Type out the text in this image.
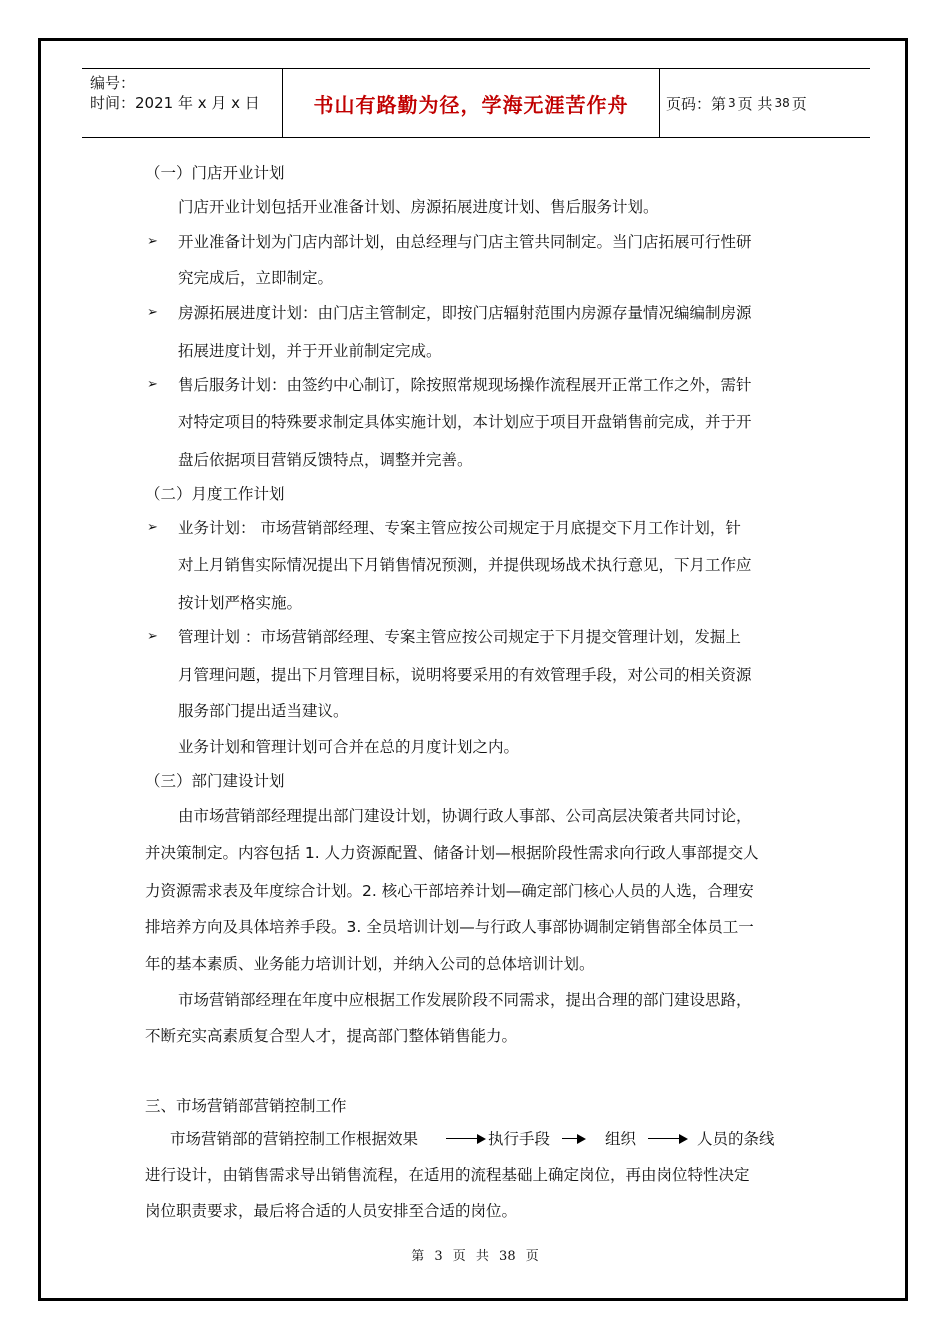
编号：
时间：2021 年 x 月 x 日	书山有路勤为径，学海无涯苦作舟	页码：第 3 页 共 38 页
（一）门店开业计划
门店开业计划包括开业准备计划、房源拓展进度计划、售后服务计划。
➢ 开业准备计划为门店内部计划，由总经理与门店主管共同制定。当门店拓展可行性研
究完成后，立即制定。
➢ 房源拓展进度计划：由门店主管制定，即按门店辐射范围内房源存量情况编编制房源
拓展进度计划，并于开业前制定完成。
➢ 售后服务计划：由签约中心制订，除按照常规现场操作流程展开正常工作之外，需针
对特定项目的特殊要求制定具体实施计划，本计划应于项目开盘销售前完成，并于开
盘后依据项目营销反馈特点，调整并完善。
（二）月度工作计划
➢ 业务计划： 市场营销部经理、专案主管应按公司规定于月底提交下月工作计划，针
对上月销售实际情况提出下月销售情况预测，并提供现场战术执行意见，下月工作应
按计划严格实施。
➢ 管理计划 ：市场营销部经理、专案主管应按公司规定于下月提交管理计划，发掘上
月管理问题，提出下月管理目标，说明将要采用的有效管理手段，对公司的相关资源
服务部门提出适当建议。
业务计划和管理计划可合并在总的月度计划之内。
（三）部门建设计划
由市场营销部经理提出部门建设计划，协调行政人事部、公司高层决策者共同讨论，
并决策制定。内容包括 1. 人力资源配置、储备计划—根据阶段性需求向行政人事部提交人
力资源需求表及年度综合计划。2. 核心干部培养计划—确定部门核心人员的人选，合理安
排培养方向及具体培养手段。3. 全员培训计划—与行政人事部协调制定销售部全体员工一
年的基本素质、业务能力培训计划，并纳入公司的总体培训计划。
市场营销部经理在年度中应根据工作发展阶段不同需求，提出合理的部门建设思路，
不断充实高素质复合型人才，提高部门整体销售能力。
三、市场营销部营销控制工作
市场营销部的营销控制工作根据效果	执行手段	组织	人员的条线
进行设计，由销售需求导出销售流程，在适用的流程基础上确定岗位，再由岗位特性决定
岗位职责要求，最后将合适的人员安排至合适的岗位。
第 3 页 共 38 页
